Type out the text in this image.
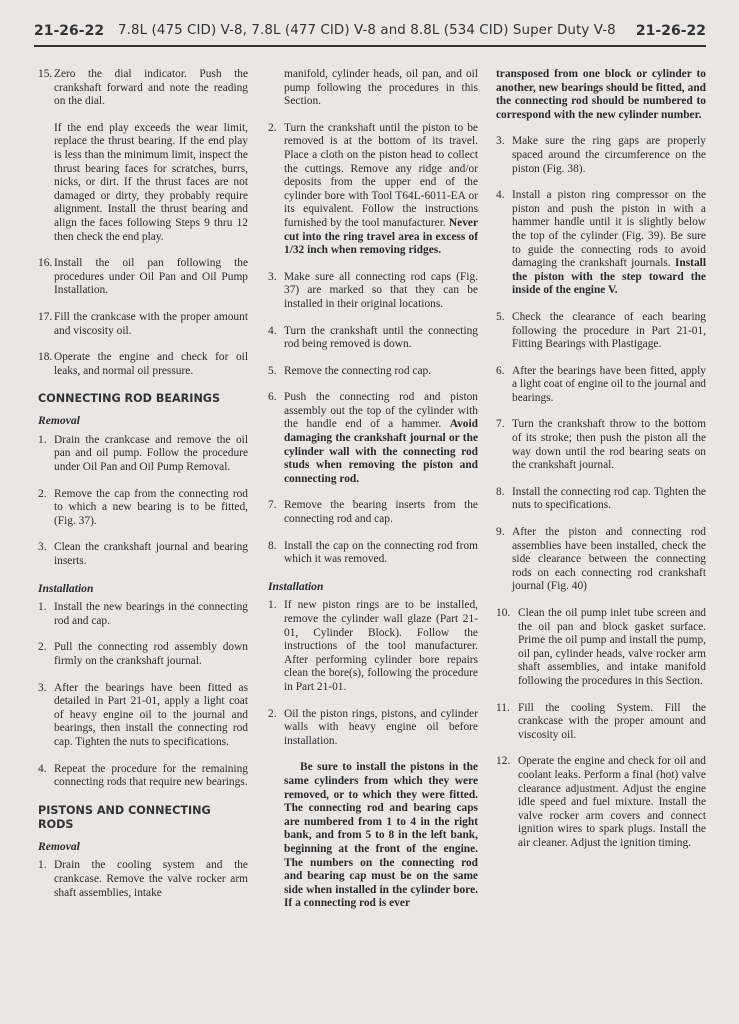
21-26-22 7.8L (475 CID) V-8, 7.8L (477 CID) V-8 and 8.8L (534 CID) Super Duty V-8 21-26-22
15. Zero the dial indicator. Push the crankshaft forward and note the reading on the dial.
If the end play exceeds the wear limit, replace the thrust bearing. If the end play is less than the minimum limit, inspect the thrust bearing faces for scratches, burrs, nicks, or dirt. If the thrust faces are not damaged or dirty, they probably require alignment. Install the thrust bearing and align the faces following Steps 9 thru 12 then check the end play.
16. Install the oil pan following the procedures under Oil Pan and Oil Pump Installation.
17. Fill the crankcase with the proper amount and viscosity oil.
18. Operate the engine and check for oil leaks, and normal oil pressure.
CONNECTING ROD BEARINGS
Removal
1. Drain the crankcase and remove the oil pan and oil pump. Follow the procedure under Oil Pan and Oil Pump Removal.
2. Remove the cap from the connecting rod to which a new bearing is to be fitted, (Fig. 37).
3. Clean the crankshaft journal and bearing inserts.
Installation
1. Install the new bearings in the connecting rod and cap.
2. Pull the connecting rod assembly down firmly on the crankshaft journal.
3. After the bearings have been fitted as detailed in Part 21-01, apply a light coat of heavy engine oil to the journal and bearings, then install the connecting rod cap. Tighten the nuts to specifications.
4. Repeat the procedure for the remaining connecting rods that require new bearings.
PISTONS AND CONNECTING RODS
Removal
1. Drain the cooling system and the crankcase. Remove the valve rocker arm shaft assemblies, intake
manifold, cylinder heads, oil pan, and oil pump following the procedures in this Section.
2. Turn the crankshaft until the piston to be removed is at the bottom of its travel. Place a cloth on the piston head to collect the cuttings. Remove any ridge and/or deposits from the upper end of the cylinder bore with Tool T64L-6011-EA or its equivalent. Follow the instructions furnished by the tool manufacturer. Never cut into the ring travel area in excess of 1/32 inch when removing ridges.
3. Make sure all connecting rod caps (Fig. 37) are marked so that they can be installed in their original locations.
4. Turn the crankshaft until the connecting rod being removed is down.
5. Remove the connecting rod cap.
6. Push the connecting rod and piston assembly out the top of the cylinder with the handle end of a hammer. Avoid damaging the crankshaft journal or the cylinder wall with the connecting rod studs when removing the piston and connecting rod.
7. Remove the bearing inserts from the connecting rod and cap.
8. Install the cap on the connecting rod from which it was removed.
Installation
1. If new piston rings are to be installed, remove the cylinder wall glaze (Part 21-01, Cylinder Block). Follow the instructions of the tool manufacturer. After performing cylinder bore repairs clean the bore(s), following the procedure in Part 21-01.
2. Oil the piston rings, pistons, and cylinder walls with heavy engine oil before installation.
Be sure to install the pistons in the same cylinders from which they were removed, or to which they were fitted. The connecting rod and bearing caps are numbered from 1 to 4 in the right bank, and from 5 to 8 in the left bank, beginning at the front of the engine. The numbers on the connecting rod and bearing cap must be on the same side when installed in the cylinder bore. If a connecting rod is ever
transposed from one block or cylinder to another, new bearings should be fitted, and the connecting rod should be numbered to correspond with the new cylinder number.
3. Make sure the ring gaps are properly spaced around the circumference on the piston (Fig. 38).
4. Install a piston ring compressor on the piston and push the piston in with a hammer handle until it is slightly below the top of the cylinder (Fig. 39). Be sure to guide the connecting rods to avoid damaging the crankshaft journals. Install the piston with the step toward the inside of the engine V.
5. Check the clearance of each bearing following the procedure in Part 21-01, Fitting Bearings with Plastigage.
6. After the bearings have been fitted, apply a light coat of engine oil to the journal and bearings.
7. Turn the crankshaft throw to the bottom of its stroke; then push the piston all the way down until the rod bearing seats on the crankshaft journal.
8. Install the connecting rod cap. Tighten the nuts to specifications.
9. After the piston and connecting rod assemblies have been installed, check the side clearance between the connecting rods on each connecting rod crankshaft journal (Fig. 40)
10. Clean the oil pump inlet tube screen and the oil pan and block gasket surface. Prime the oil pump and install the pump, oil pan, cylinder heads, valve rocker arm shaft assemblies, and intake manifold following the procedures in this Section.
11. Fill the cooling System. Fill the crankcase with the proper amount and viscosity oil.
12. Operate the engine and check for oil and coolant leaks. Perform a final (hot) valve clearance adjustment. Adjust the engine idle speed and fuel mixture. Install the valve rocker arm covers and connect ignition wires to spark plugs. Install the air cleaner. Adjust the ignition timing.
